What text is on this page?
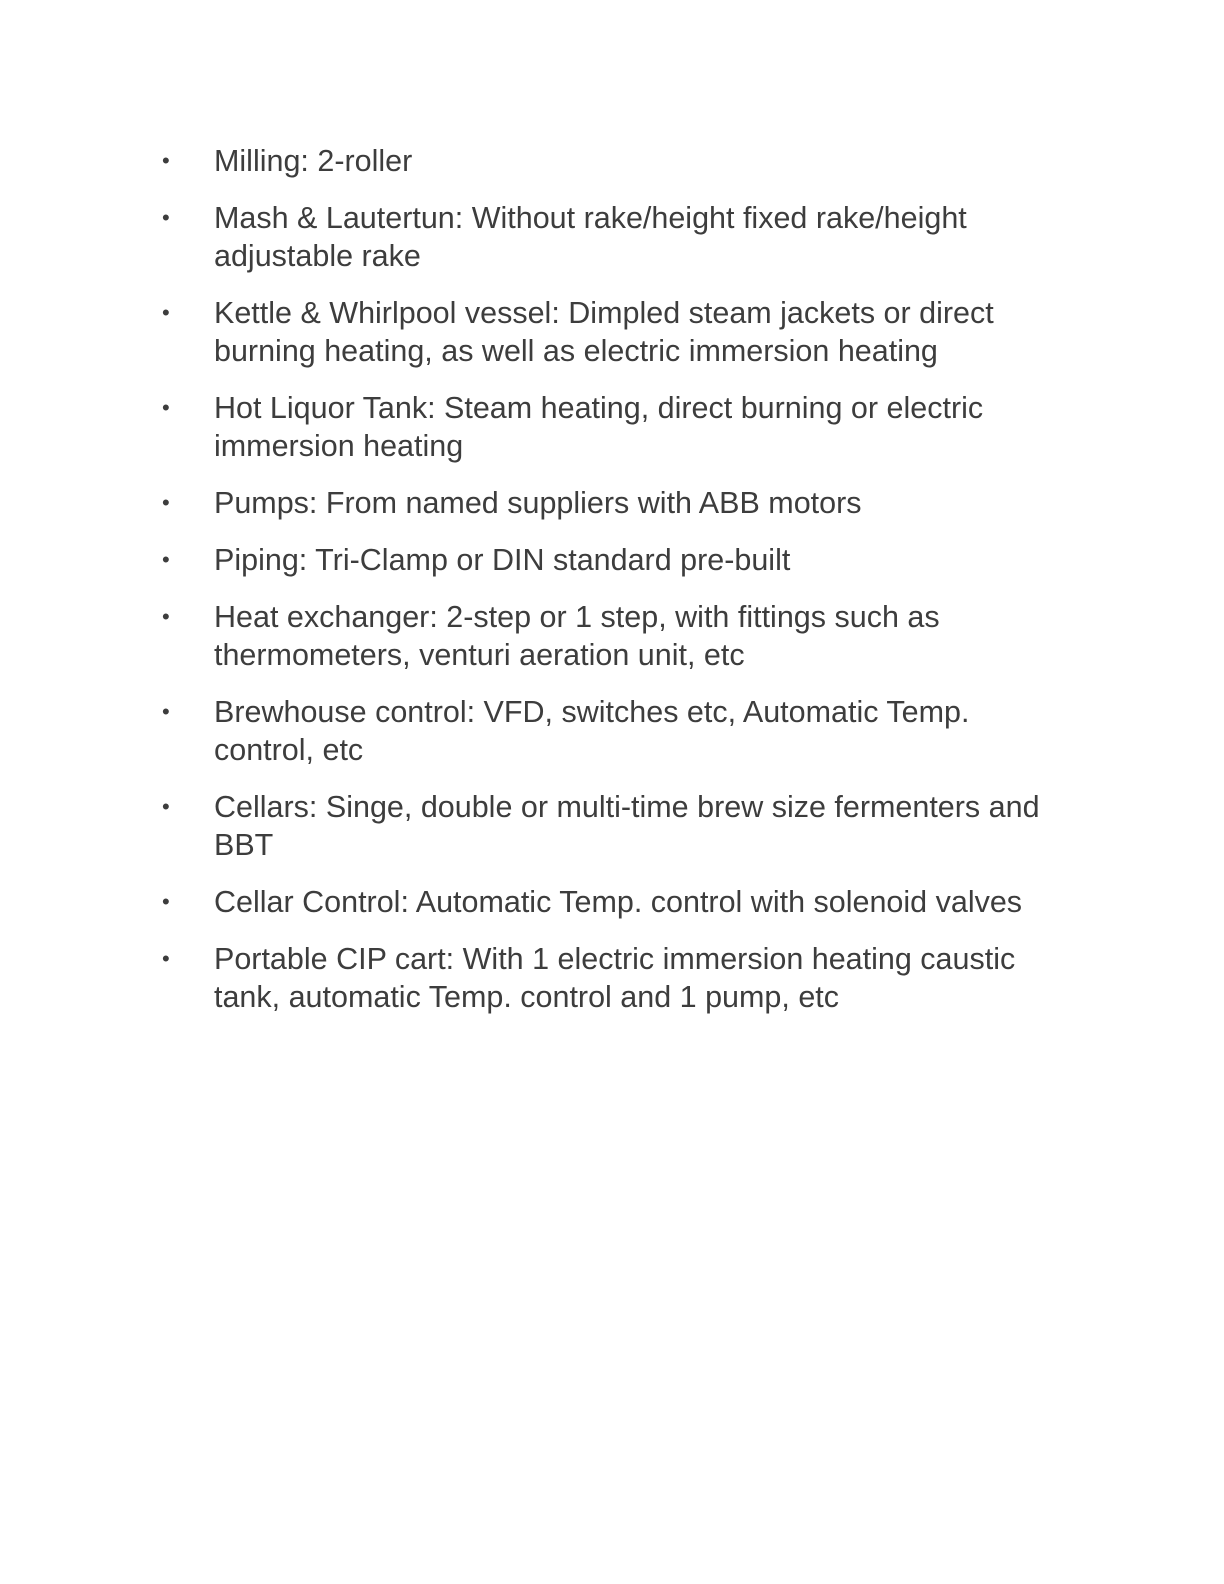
•	Milling: 2-roller
•	Mash & Lautertun: Without rake/height fixed rake/height adjustable rake
•	Kettle & Whirlpool vessel: Dimpled steam jackets or direct burning heating, as well as electric immersion heating
•	Hot Liquor Tank: Steam heating, direct burning or electric immersion heating
•	Pumps: From named suppliers with ABB motors
•	Piping: Tri-Clamp or DIN standard pre-built
•	Heat exchanger: 2-step or 1 step, with fittings such as thermometers, venturi aeration unit, etc
•	Brewhouse control: VFD, switches etc, Automatic Temp. control, etc
•	Cellars: Singe, double or multi-time brew size fermenters and BBT
•	Cellar Control: Automatic Temp. control with solenoid valves
•	Portable CIP cart: With 1 electric immersion heating caustic tank, automatic Temp. control and 1 pump, etc
